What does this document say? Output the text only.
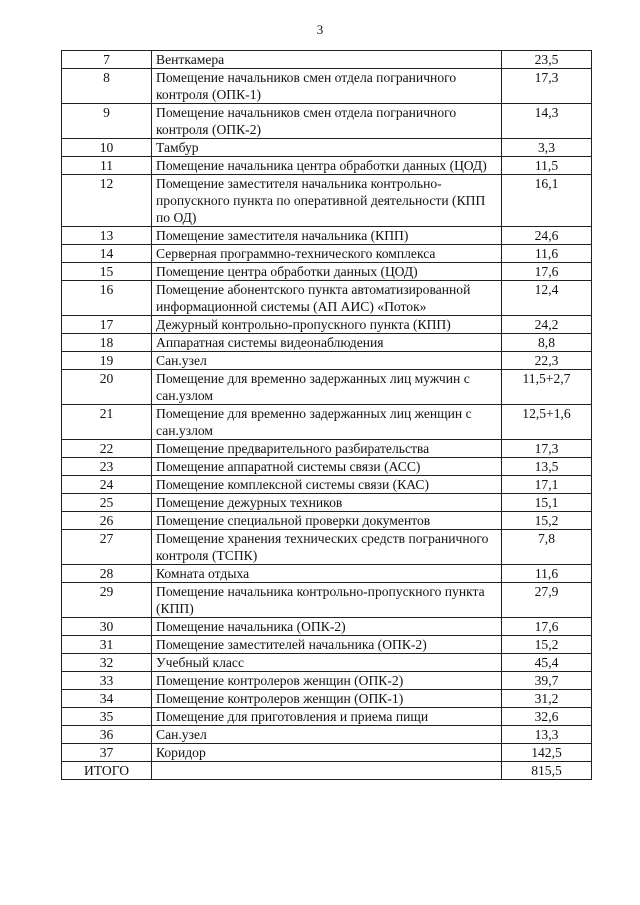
3
7	Венткамера	23,5
8	Помещение начальников смен отдела пограничного контроля (ОПК-1)	17,3
9	Помещение начальников смен отдела пограничного контроля (ОПК-2)	14,3
10	Тамбур	3,3
11	Помещение начальника центра обработки данных (ЦОД)	11,5
12	Помещение заместителя начальника контрольно-пропускного пункта по оперативной деятельности (КПП по ОД)	16,1
13	Помещение заместителя начальника (КПП)	24,6
14	Серверная программно-технического комплекса	11,6
15	Помещение центра обработки данных (ЦОД)	17,6
16	Помещение абонентского пункта автоматизированной информационной системы (АП АИС) «Поток»	12,4
17	Дежурный контрольно-пропускного пункта (КПП)	24,2
18	Аппаратная системы видеонаблюдения	8,8
19	Сан.узел	22,3
20	Помещение для временно задержанных лиц мужчин с сан.узлом	11,5+2,7
21	Помещение для временно задержанных лиц женщин с сан.узлом	12,5+1,6
22	Помещение предварительного разбирательства	17,3
23	Помещение аппаратной системы связи (АСС)	13,5
24	Помещение комплексной системы связи (КАС)	17,1
25	Помещение дежурных техников	15,1
26	Помещение специальной проверки документов	15,2
27	Помещение хранения технических средств пограничного контроля (ТСПК)	7,8
28	Комната отдыха	11,6
29	Помещение начальника контрольно-пропускного пункта (КПП)	27,9
30	Помещение начальника (ОПК-2)	17,6
31	Помещение заместителей начальника (ОПК-2)	15,2
32	Учебный класс	45,4
33	Помещение контролеров женщин (ОПК-2)	39,7
34	Помещение контролеров женщин (ОПК-1)	31,2
35	Помещение для приготовления и приема пищи	32,6
36	Сан.узел	13,3
37	Коридор	142,5
ИТОГО		815,5
